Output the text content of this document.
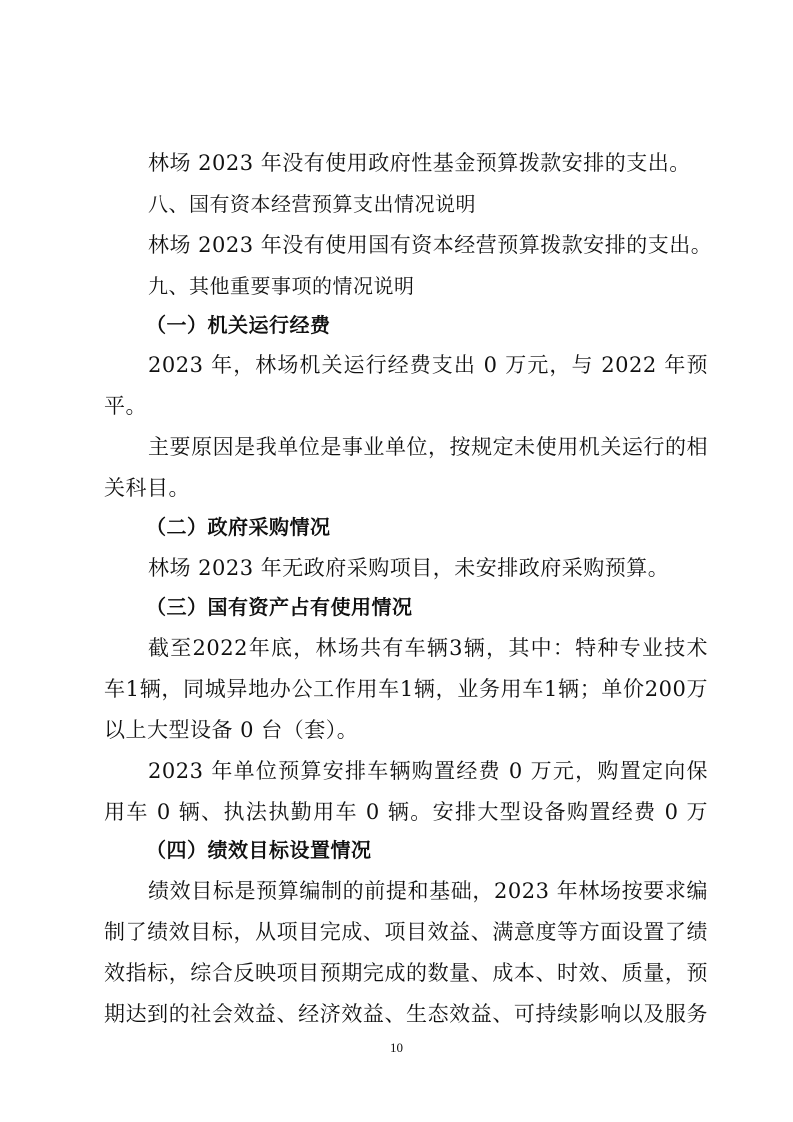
林场 2023 年没有使用政府性基金预算拨款安排的支出。
八、国有资本经营预算支出情况说明
林场 2023 年没有使用国有资本经营预算拨款安排的支出。
九、其他重要事项的情况说明
（一）机关运行经费
2023 年，林场机关运行经费支出 0 万元，与 2022 年预
平。
主要原因是我单位是事业单位，按规定未使用机关运行的相
关科目。
（二）政府采购情况
林场 2023 年无政府采购项目，未安排政府采购预算。
（三）国有资产占有使用情况
截至2022年底，林场共有车辆3辆，其中：特种专业技术
车1辆，同城异地办公工作用车1辆，业务用车1辆；单价200万
以上大型设备 0 台（套）。
2023 年单位预算安排车辆购置经费 0 万元，购置定向保
用车 0 辆、执法执勤用车 0 辆。安排大型设备购置经费 0 万
（四）绩效目标设置情况
绩效目标是预算编制的前提和基础，2023 年林场按要求编
制了绩效目标，从项目完成、项目效益、满意度等方面设置了绩
效指标，综合反映项目预期完成的数量、成本、时效、质量，预
期达到的社会效益、经济效益、生态效益、可持续影响以及服务
10
